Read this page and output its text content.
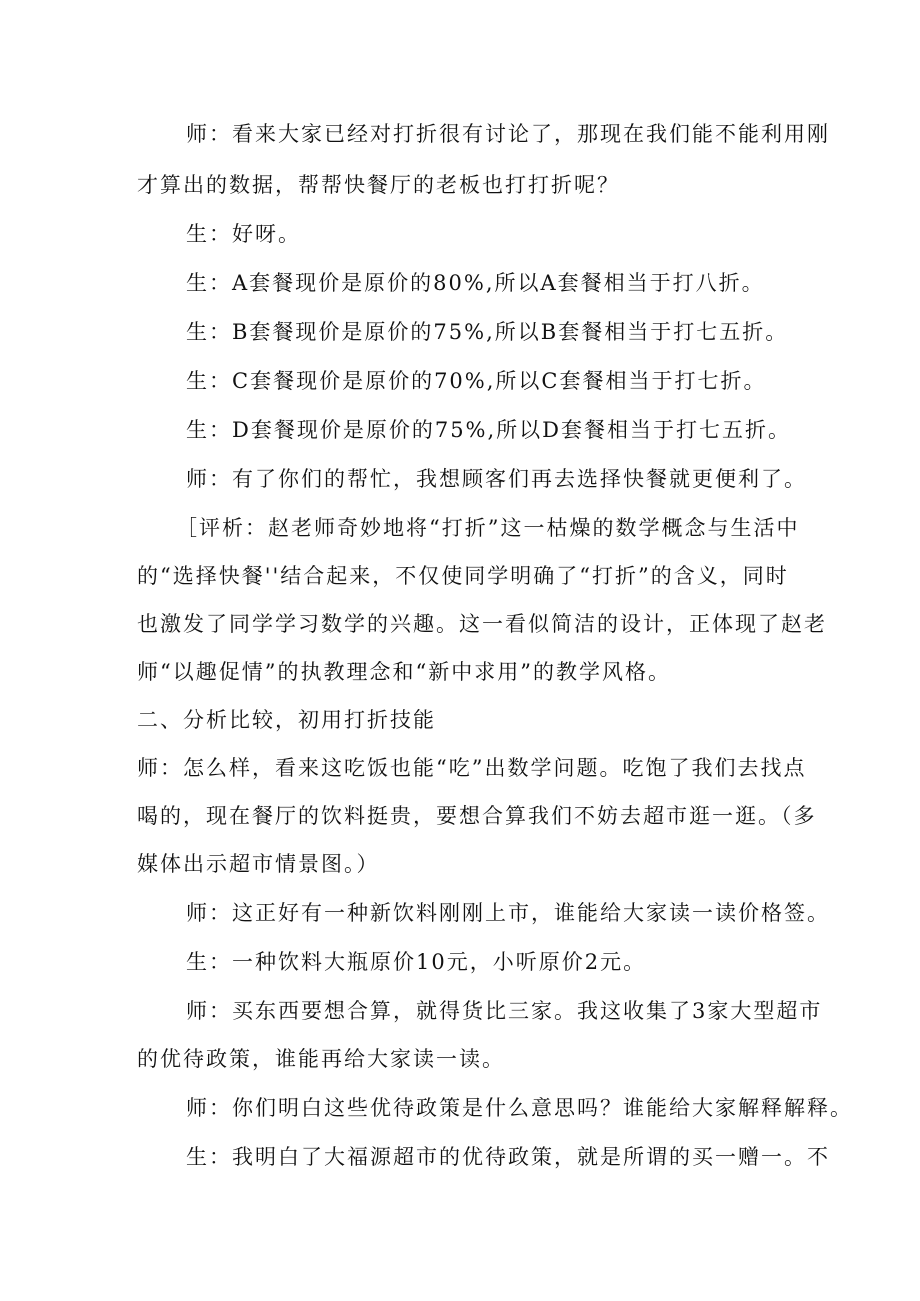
师：看来大家已经对打折很有讨论了，那现在我们能不能利用刚
才算出的数据，帮帮快餐厅的老板也打打折呢？
生：好呀。
生：A套餐现价是原价的80%,所以A套餐相当于打八折。
生：B套餐现价是原价的75%,所以B套餐相当于打七五折。
生：C套餐现价是原价的70%,所以C套餐相当于打七折。
生：D套餐现价是原价的75%,所以D套餐相当于打七五折。
师：有了你们的帮忙，我想顾客们再去选择快餐就更便利了。
［评析：赵老师奇妙地将“打折”这一枯燥的数学概念与生活中
的“选择快餐''结合起来，不仅使同学明确了“打折”的含义，同时
也激发了同学学习数学的兴趣。这一看似简洁的设计，正体现了赵老
师“以趣促情”的执教理念和“新中求用”的教学风格。
二、分析比较，初用打折技能
师：怎么样，看来这吃饭也能“吃”出数学问题。吃饱了我们去找点
喝的，现在餐厅的饮料挺贵，要想合算我们不妨去超市逛一逛。（多
媒体出示超市情景图。）
师：这正好有一种新饮料刚刚上市，谁能给大家读一读价格签。
生：一种饮料大瓶原价10元，小听原价2元。
师：买东西要想合算，就得货比三家。我这收集了3家大型超市
的优待政策，谁能再给大家读一读。
师：你们明白这些优待政策是什么意思吗？谁能给大家解释解释。
生：我明白了大福源超市的优待政策，就是所谓的买一赠一。不
